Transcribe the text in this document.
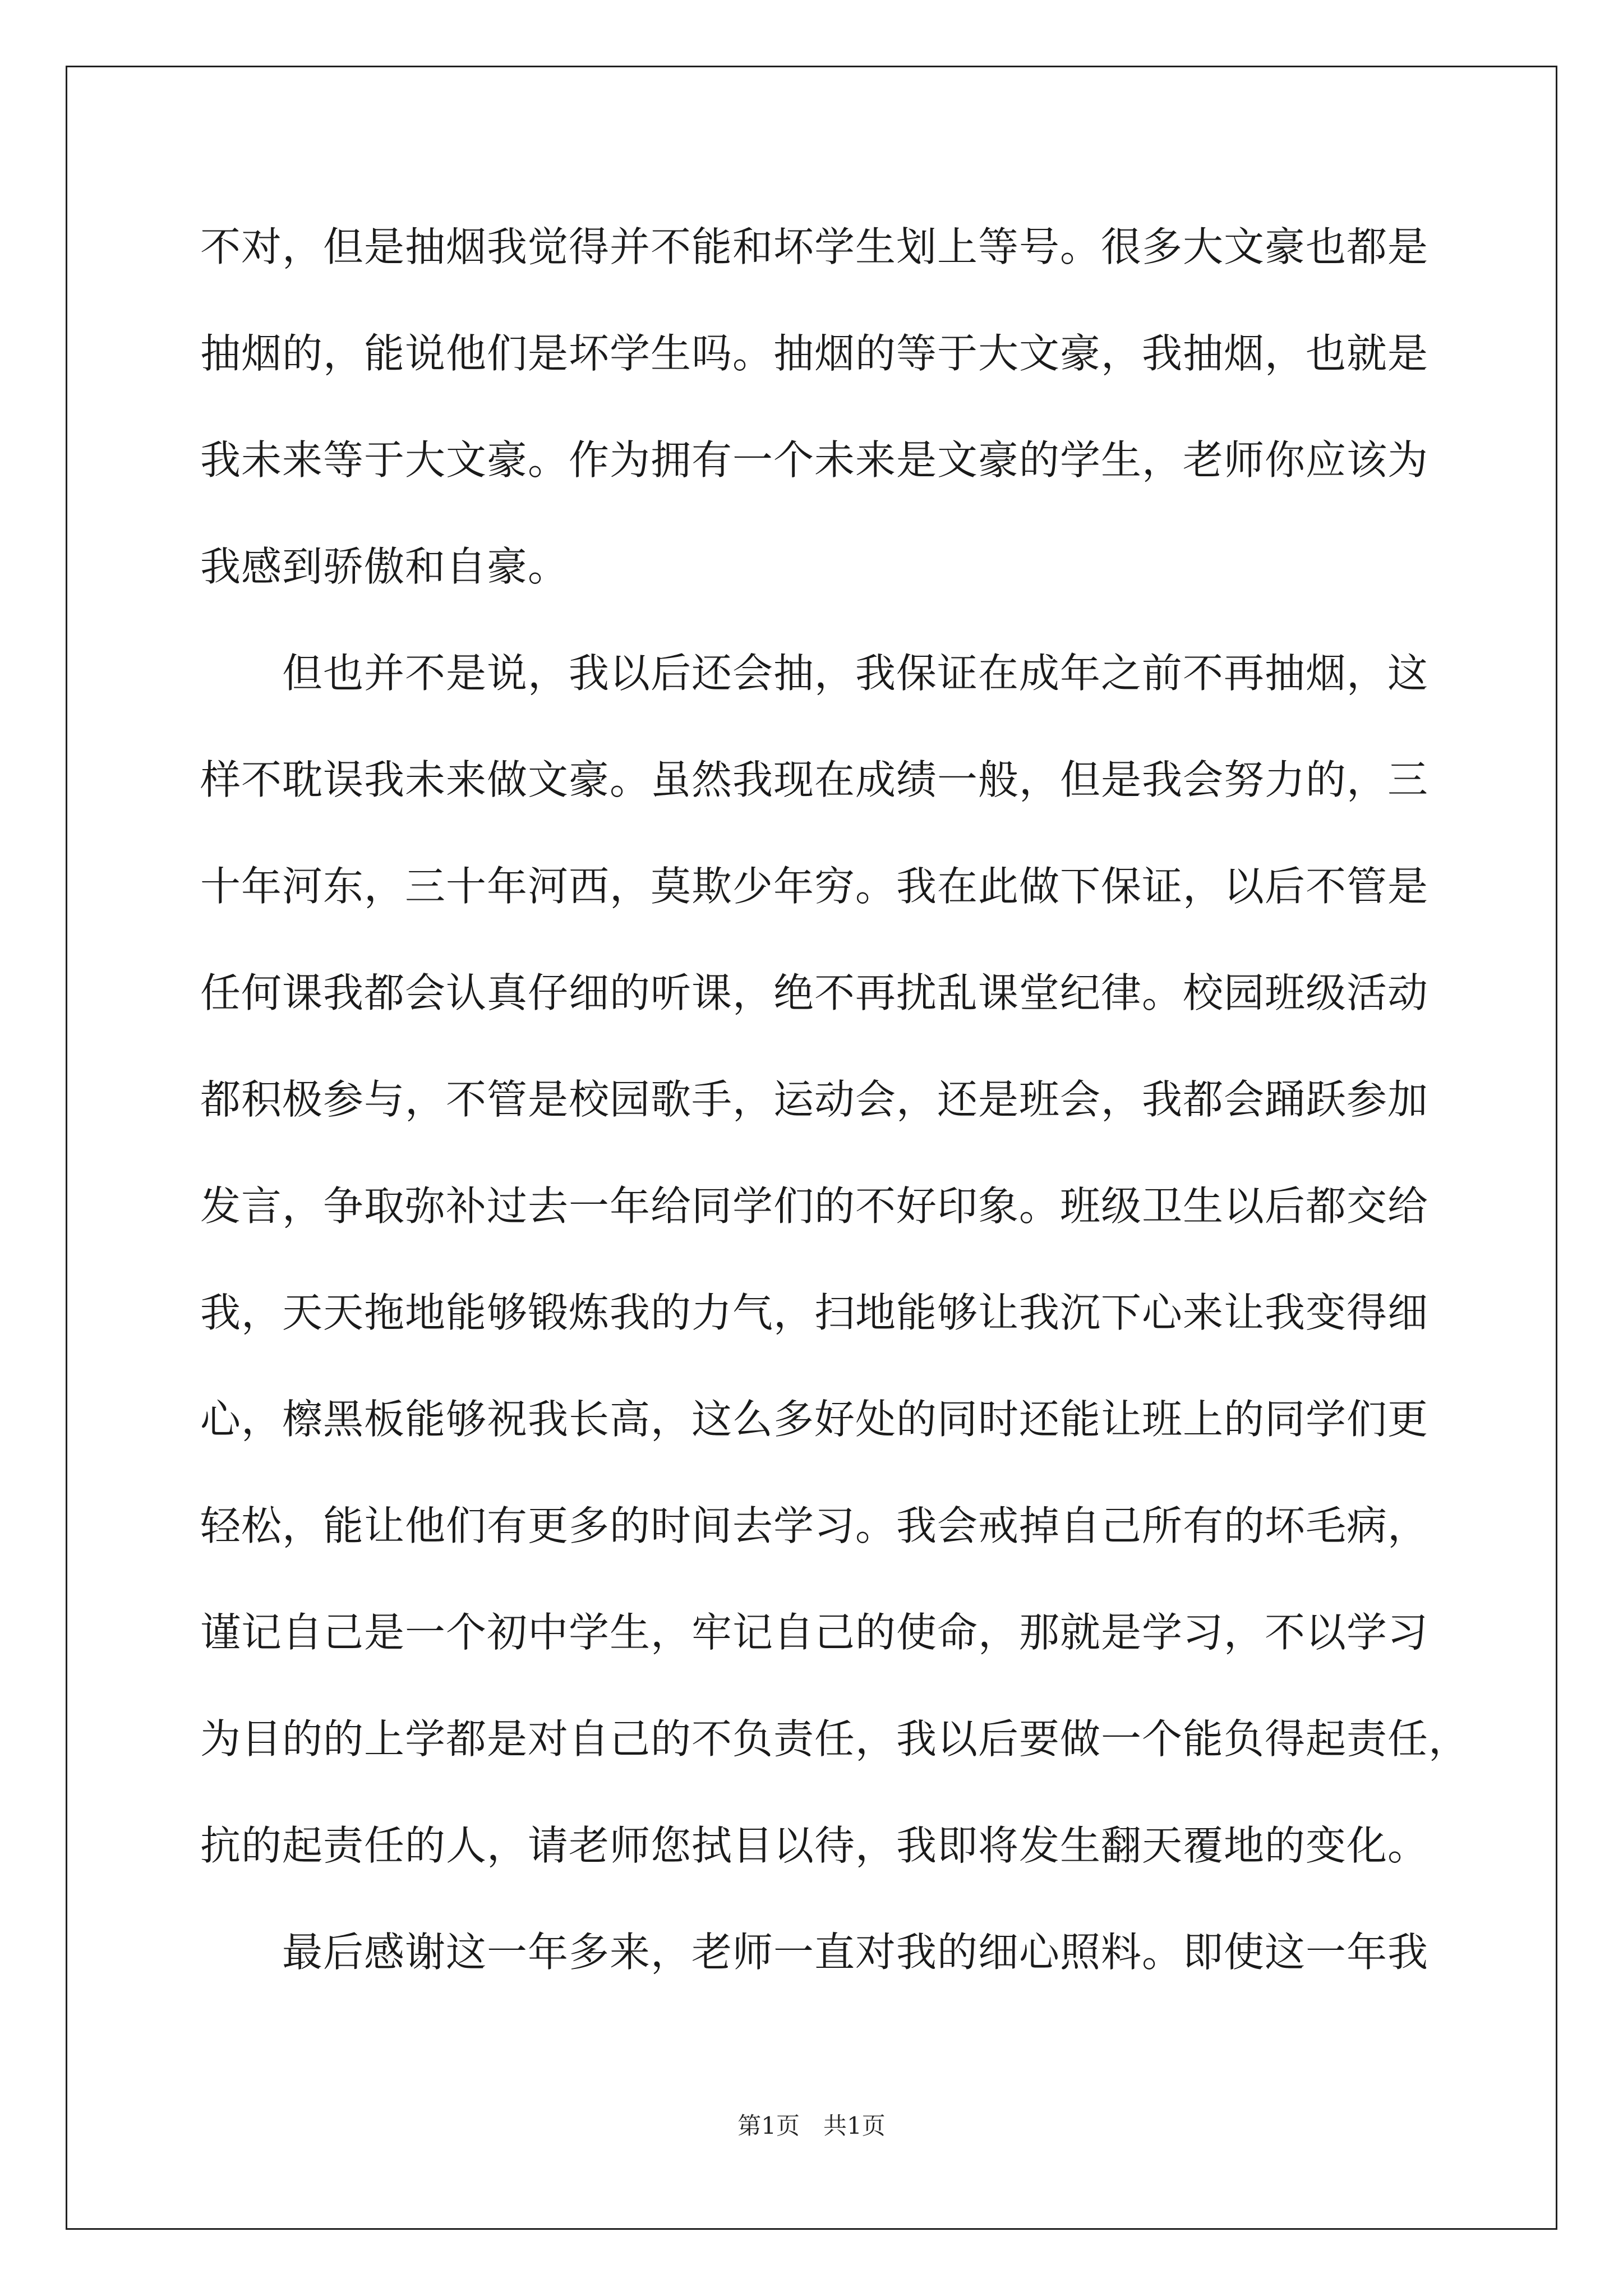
不对，但是抽烟我觉得并不能和坏学生划上等号。很多大文豪也都是
抽烟的，能说他们是坏学生吗。抽烟的等于大文豪，我抽烟，也就是
我未来等于大文豪。作为拥有一个未来是文豪的学生，老师你应该为
我感到骄傲和自豪。
　　但也并不是说，我以后还会抽，我保证在成年之前不再抽烟，这
样不耽误我未来做文豪。虽然我现在成绩一般，但是我会努力的，三
十年河东，三十年河西，莫欺少年穷。我在此做下保证，以后不管是
任何课我都会认真仔细的听课，绝不再扰乱课堂纪律。校园班级活动
都积极参与，不管是校园歌手，运动会，还是班会，我都会踊跃参加
发言，争取弥补过去一年给同学们的不好印象。班级卫生以后都交给
我，天天拖地能够锻炼我的力气，扫地能够让我沉下心来让我变得细
心，檫黑板能够祝我长高，这么多好处的同时还能让班上的同学们更
轻松，能让他们有更多的时间去学习。我会戒掉自己所有的坏毛病，
谨记自己是一个初中学生，牢记自己的使命，那就是学习，不以学习
为目的的上学都是对自己的不负责任，我以后要做一个能负得起责任，
抗的起责任的人，请老师您拭目以待，我即将发生翻天覆地的变化。
　　最后感谢这一年多来，老师一直对我的细心照料。即使这一年我
第1页　共1页
